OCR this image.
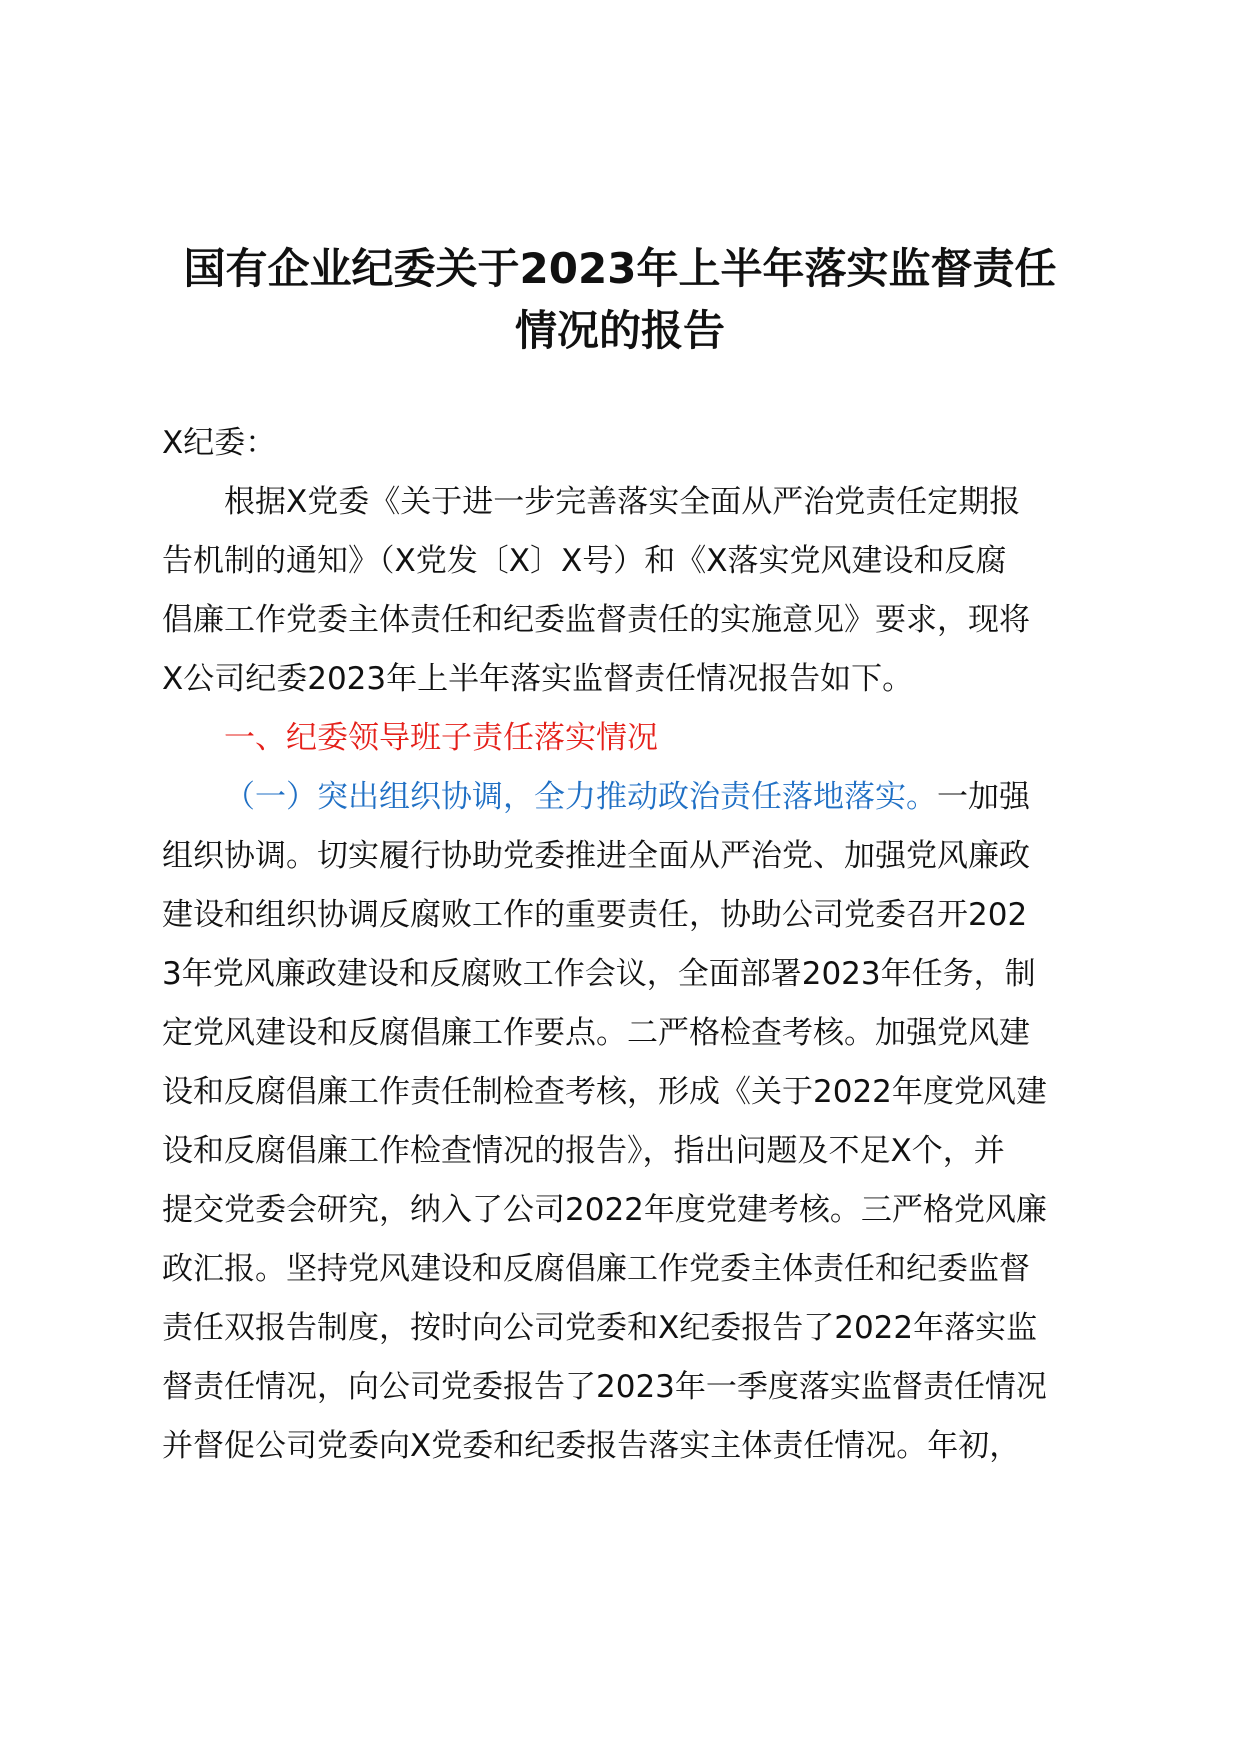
国有企业纪委关于2023年上半年落实监督责任
情况的报告
X纪委：
根据X党委《关于进一步完善落实全面从严治党责任定期报
告机制的通知》（X党发〔X〕X号）和《X落实党风建设和反腐
倡廉工作党委主体责任和纪委监督责任的实施意见》要求，现将
X公司纪委2023年上半年落实监督责任情况报告如下。
一、纪委领导班子责任落实情况
（一）突出组织协调，全力推动政治责任落地落实。一加强
组织协调。切实履行协助党委推进全面从严治党、加强党风廉政
建设和组织协调反腐败工作的重要责任，协助公司党委召开202
3年党风廉政建设和反腐败工作会议，全面部署2023年任务，制
定党风建设和反腐倡廉工作要点。二严格检查考核。加强党风建
设和反腐倡廉工作责任制检查考核，形成《关于2022年度党风建
设和反腐倡廉工作检查情况的报告》，指出问题及不足X个，并
提交党委会研究，纳入了公司2022年度党建考核。三严格党风廉
政汇报。坚持党风建设和反腐倡廉工作党委主体责任和纪委监督
责任双报告制度，按时向公司党委和X纪委报告了2022年落实监
督责任情况，向公司党委报告了2023年一季度落实监督责任情况
并督促公司党委向X党委和纪委报告落实主体责任情况。年初，
